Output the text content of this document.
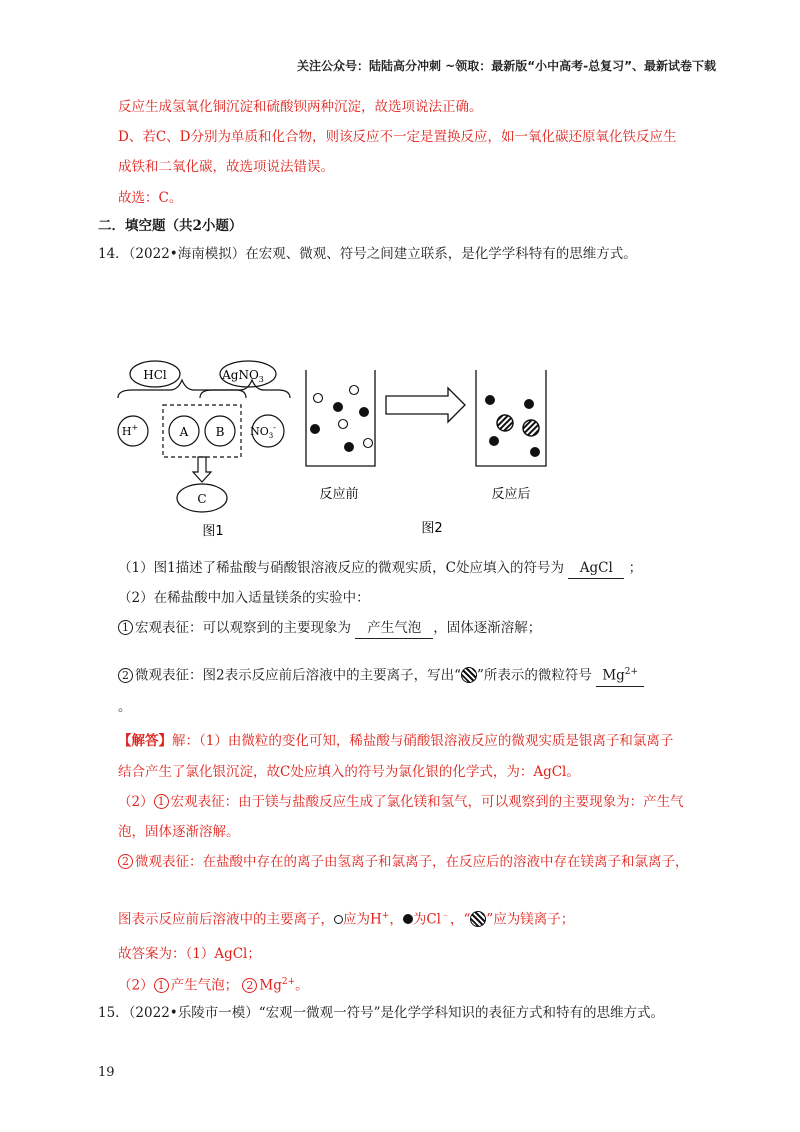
关注公众号：陆陆高分冲刺 ~领取：最新版“小中高考-总复习”、最新试卷下载
反应生成氢氧化铜沉淀和硫酸钡两种沉淀，故选项说法正确。
D、若C、D分别为单质和化合物，则该反应不一定是置换反应，如一氧化碳还原氧化铁反应生
成铁和二氧化碳，故选项说法错误。
故选：C。
二．填空题（共2小题）
14．（2022•海南模拟）在宏观、微观、符号之间建立联系，是化学学科特有的思维方式。
HCl	AgNO$_3$
H+	A B $NO_3^-$
C
图1
反应前	反应后
图2
（1）图1描述了稀盐酸与硝酸银溶液反应的微观实质，C处应填入的符号为 AgCl ；
（2）在稀盐酸中加入适量镁条的实验中：
1 宏观表征：可以观察到的主要现象为 产生气泡 ，固体逐渐溶解；
2 微观表征：图2表示反应前后溶液中的主要离子，写出“ ”所表示的微粒符号 $Mg^{2+}$
。
【解答】解：（1）由微粒的变化可知，稀盐酸与硝酸银溶液反应的微观实质是银离子和氯离子
结合产生了氯化银沉淀，故C处应填入的符号为氯化银的化学式，为：AgCl。
（2） 1 宏观表征：由于镁与盐酸反应生成了氯化镁和氢气，可以观察到的主要现象为：产生气
泡，固体逐渐溶解。
2 微观表征：在盐酸中存在的离子由氢离子和氯离子，在反应后的溶液中存在镁离子和氯离子，
图表示反应前后溶液中的主要离子， 应为H+， 为Cl﹣，“ ”应为镁离子；
故答案为：（1）AgCl；
（2） 1 产生气泡； 2 $Mg^{2+}$。
15．（2022•乐陵市一模）“宏观一微观一符号”是化学学科知识的表征方式和特有的思维方式。
19
